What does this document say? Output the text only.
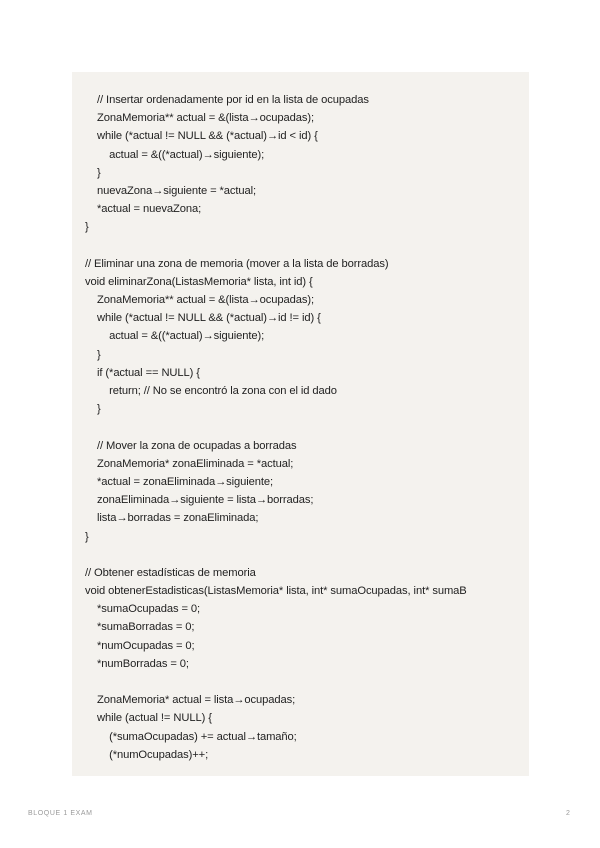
// Insertar ordenadamente por id en la lista de ocupadas
ZonaMemoria** actual = &(lista→ocupadas);
while (*actual != NULL && (*actual)→id < id) {
actual = &((*actual)→siguiente);
}
nuevaZona→siguiente = *actual;
*actual = nuevaZona;
}
// Eliminar una zona de memoria (mover a la lista de borradas)
void eliminarZona(ListasMemoria* lista, int id) {
ZonaMemoria** actual = &(lista→ocupadas);
while (*actual != NULL && (*actual)→id != id) {
actual = &((*actual)→siguiente);
}
if (*actual == NULL) {
return; // No se encontró la zona con el id dado
}
// Mover la zona de ocupadas a borradas
ZonaMemoria* zonaEliminada = *actual;
*actual = zonaEliminada→siguiente;
zonaEliminada→siguiente = lista→borradas;
lista→borradas = zonaEliminada;
}
// Obtener estadísticas de memoria
void obtenerEstadisticas(ListasMemoria* lista, int* sumaOcupadas, int* sumaB
*sumaOcupadas = 0;
*sumaBorradas = 0;
*numOcupadas = 0;
*numBorradas = 0;
ZonaMemoria* actual = lista→ocupadas;
while (actual != NULL) {
(*sumaOcupadas) += actual→tamaño;
(*numOcupadas)++;
BLOQUE 1 EXAM	2
